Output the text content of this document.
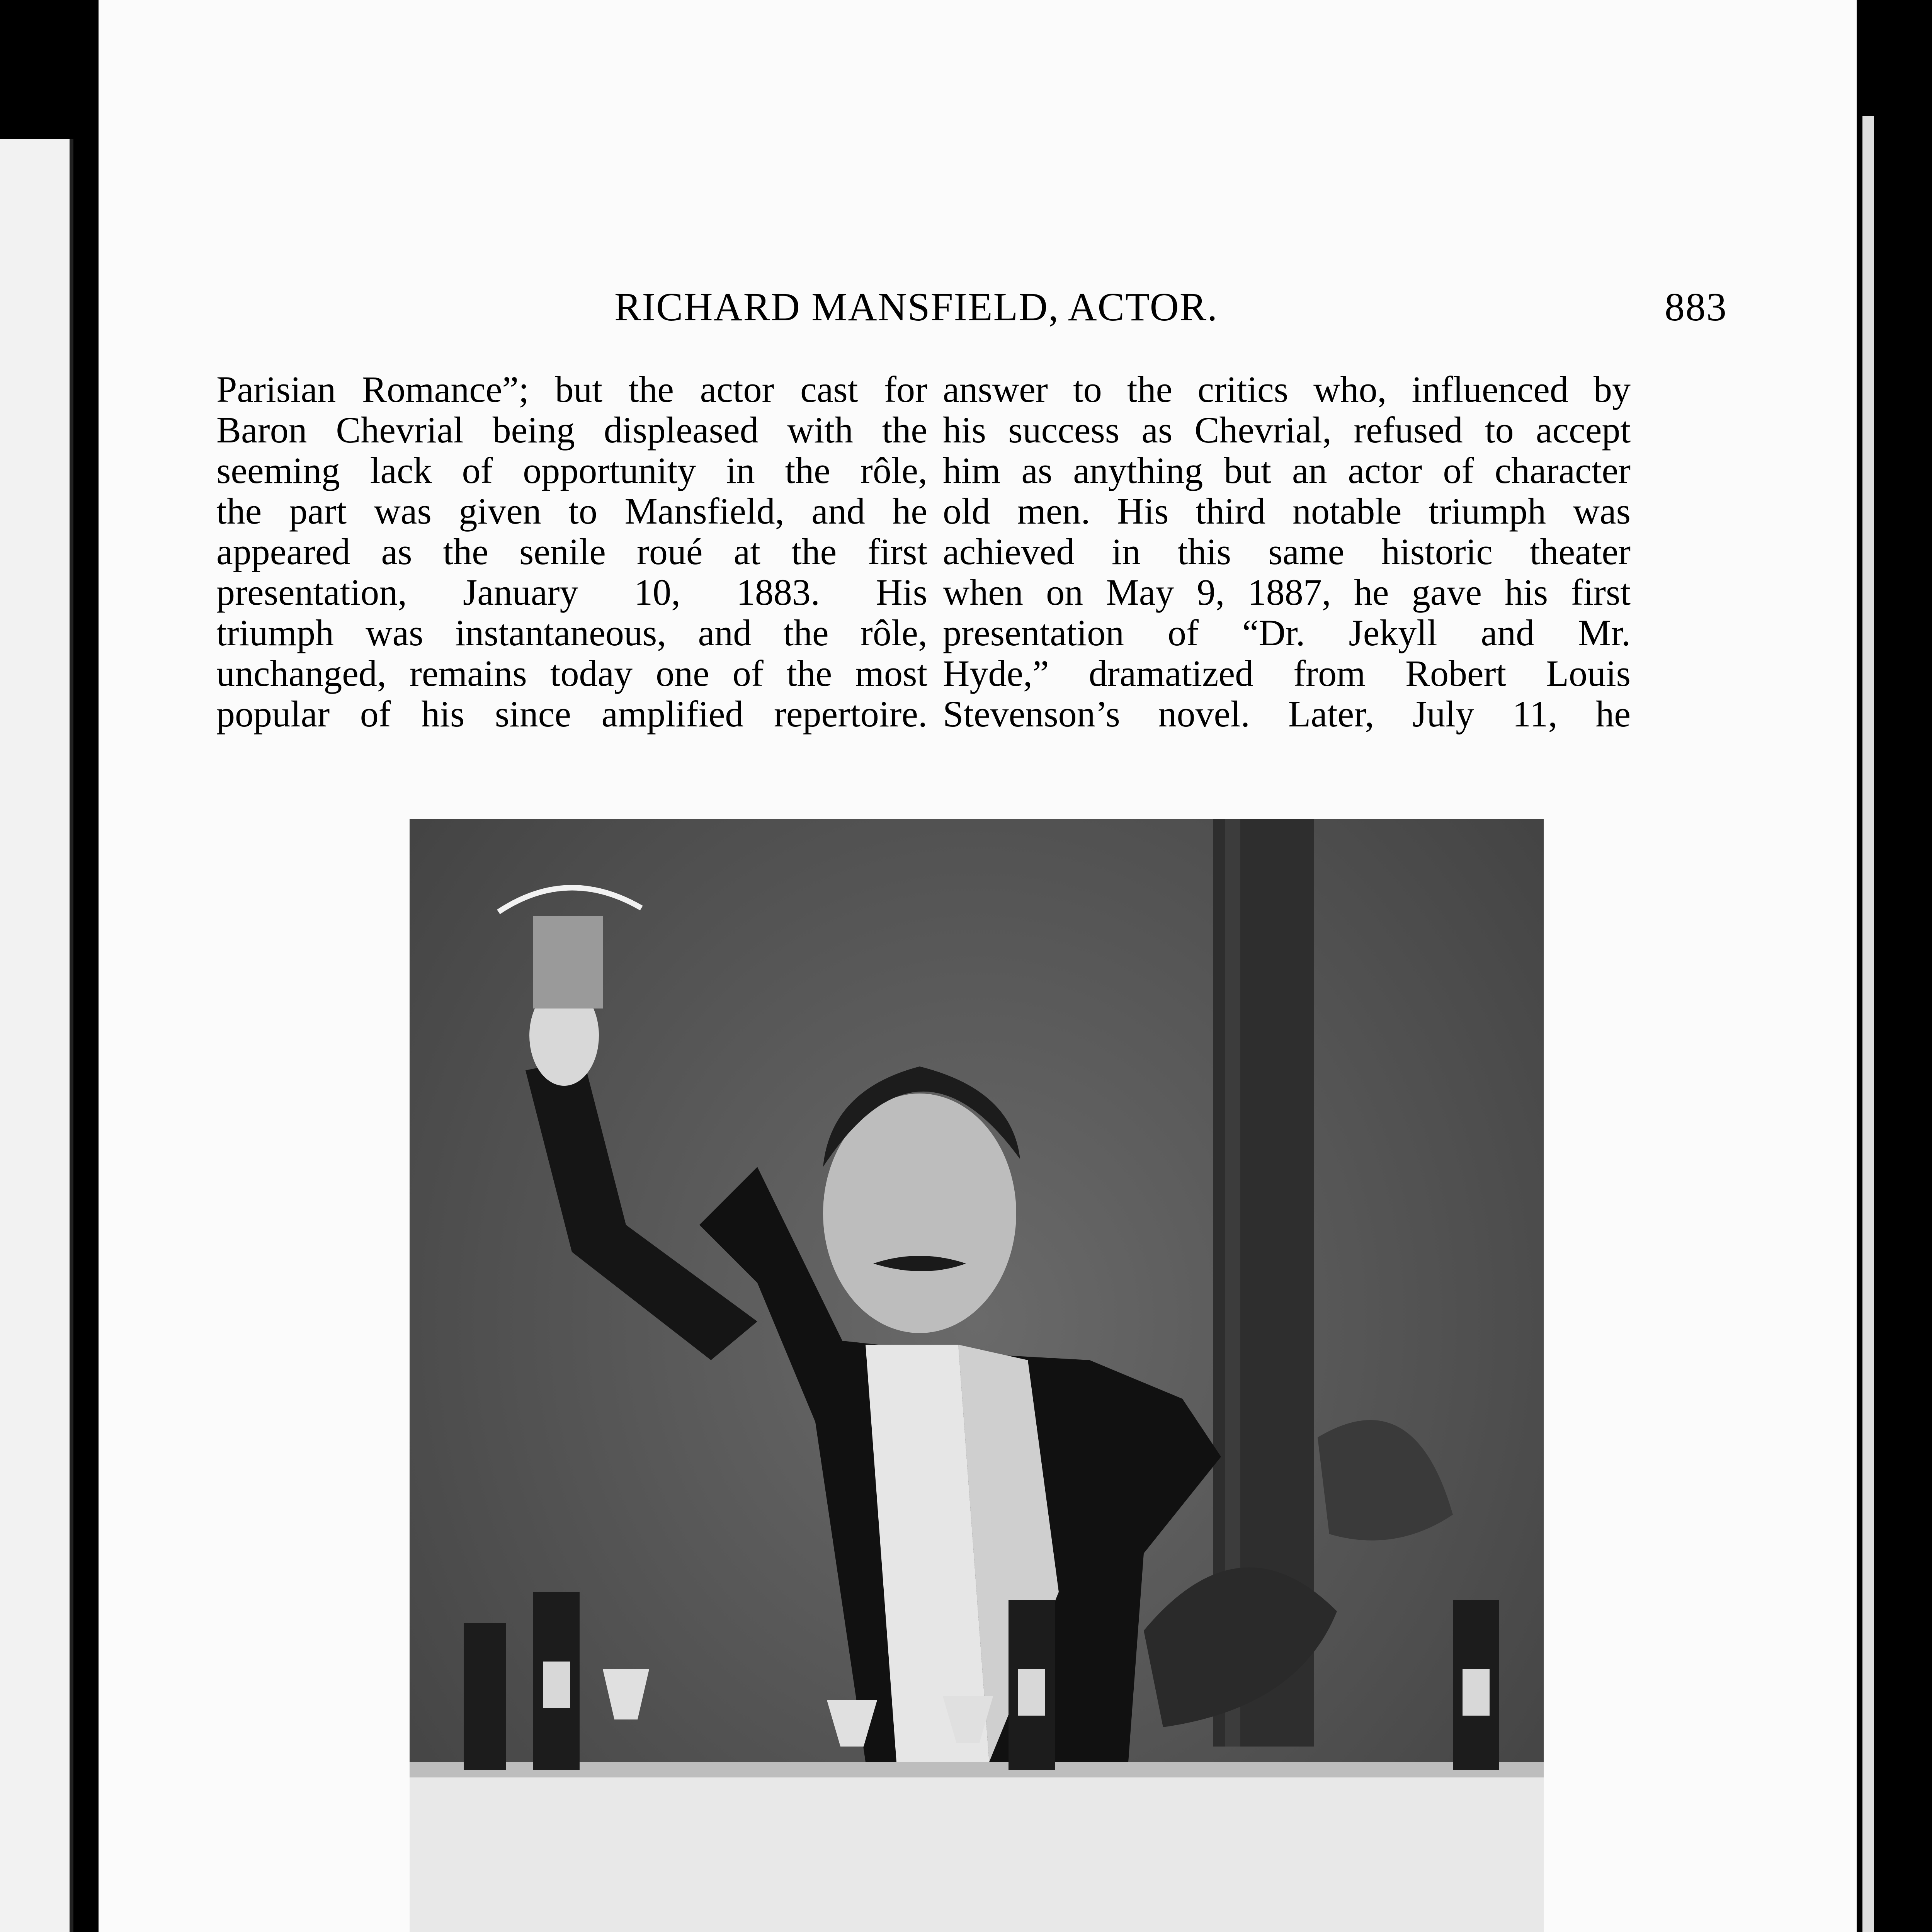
RICHARD MANSFIELD, ACTOR.	883
Parisian Romance”; but the actor cast for
Baron Chevrial being displeased with the
seeming lack of opportunity in the rôle,
the part was given to Mansfield, and he
appeared as the senile roué at the first
presentation, January 10, 1883. His
triumph was instantaneous, and the rôle,
unchanged, remains today one of the most
popular of his since amplified repertoire.
answer to the critics who, influenced by
his success as Chevrial, refused to accept
him as anything but an actor of character
old men. His third notable triumph was
achieved in this same historic theater
when on May 9, 1887, he gave his first
presentation of “Dr. Jekyll and Mr.
Hyde,” dramatized from Robert Louis
Stevenson’s novel. Later, July 11, he
